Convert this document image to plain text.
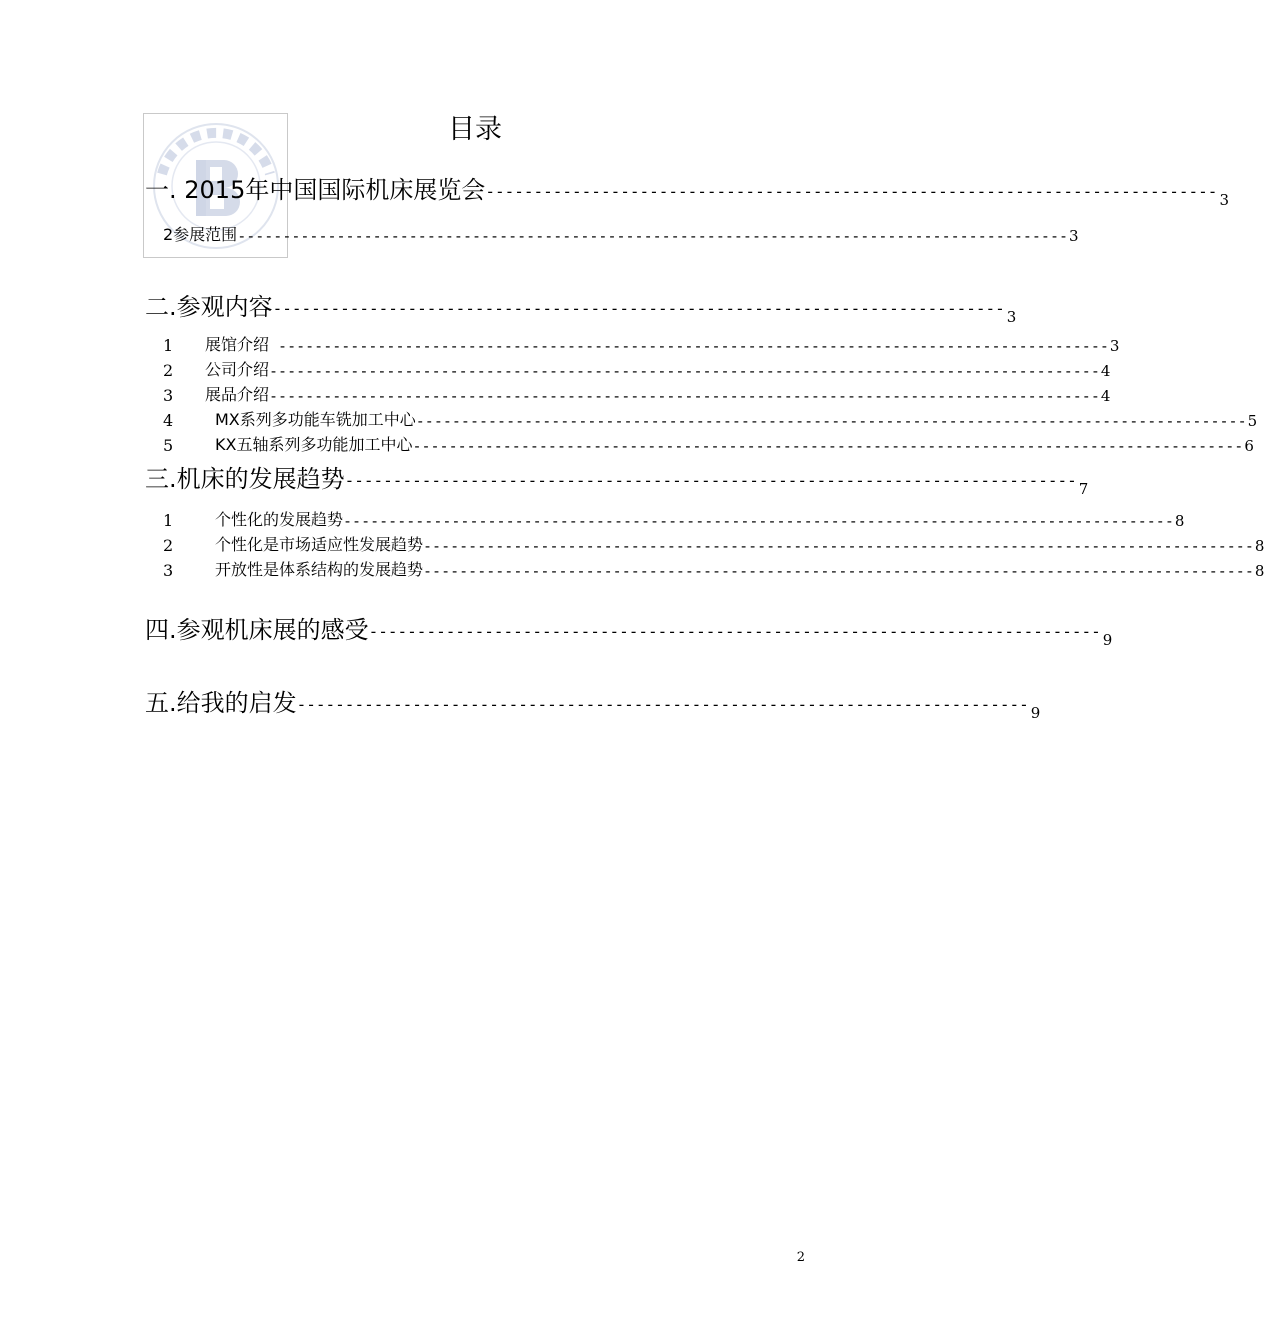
目录
一. 2015年中国国际机床展览会 ---------------------------------------------------------------------------- 3
2参展范围 -------------------------------------------------------------------------------------------- 3
二.参观内容 ---------------------------------------------------------------------------- 3
1	展馆介绍 -------------------------------------------------------------------------------------------- 3
2	公司介绍 -------------------------------------------------------------------------------------------- 4
3	展品介绍 -------------------------------------------------------------------------------------------- 4
4	MX系列多功能车铣加工中心 -------------------------------------------------------------------------------------------- 5
5	KX五轴系列多功能加工中心 -------------------------------------------------------------------------------------------- 6
三.机床的发展趋势 ---------------------------------------------------------------------------- 7
1	个性化的发展趋势 -------------------------------------------------------------------------------------------- 8
2	个性化是市场适应性发展趋势 -------------------------------------------------------------------------------------------- 8
3	开放性是体系结构的发展趋势 -------------------------------------------------------------------------------------------- 8
四.参观机床展的感受 ---------------------------------------------------------------------------- 9
五.给我的启发 ---------------------------------------------------------------------------- 9
2
